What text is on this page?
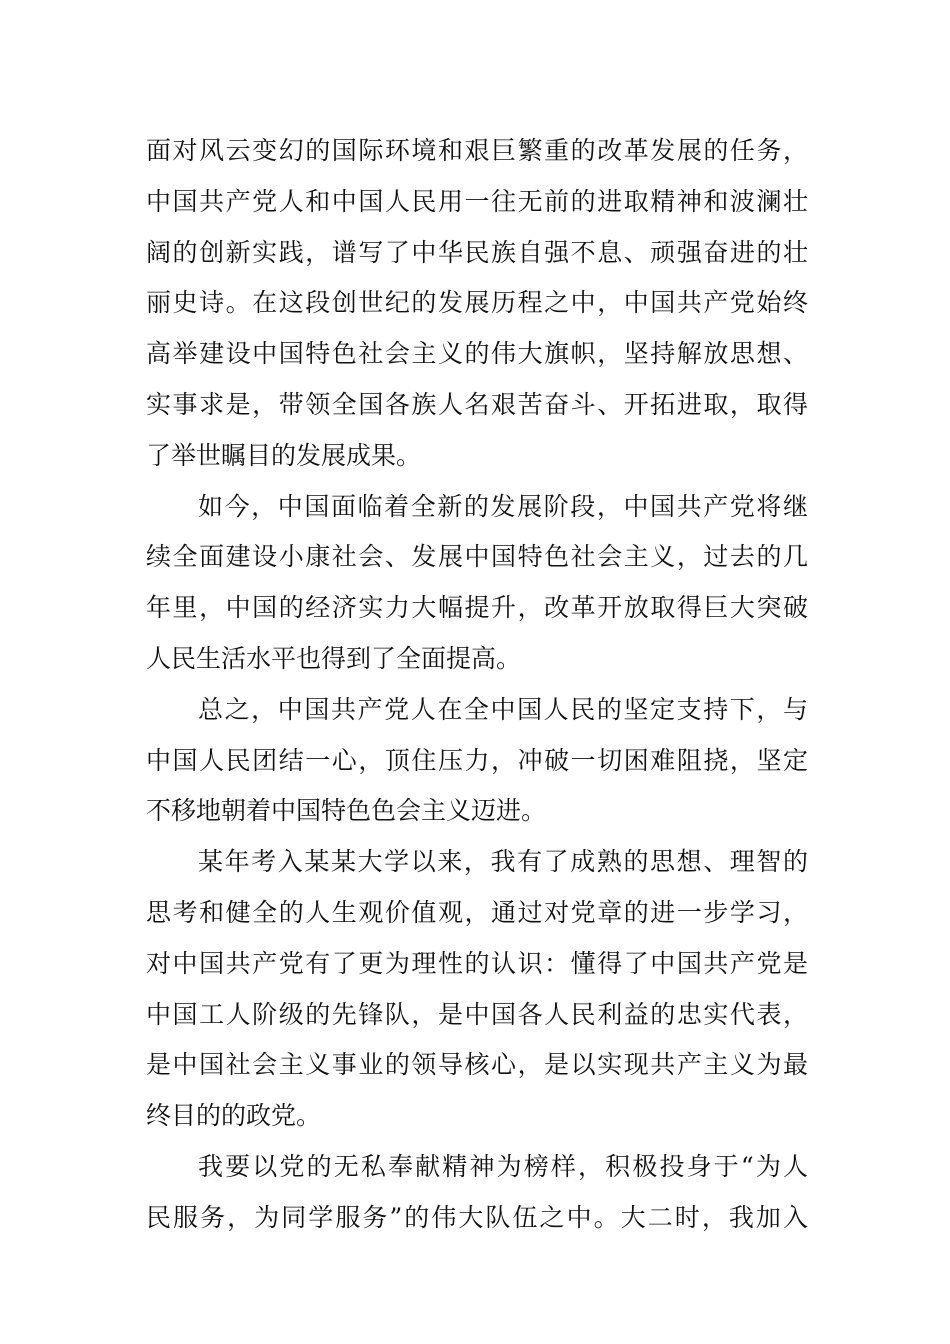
面对风云变幻的国际环境和艰巨繁重的改革发展的任务，
中国共产党人和中国人民用一往无前的进取精神和波澜壮
阔的创新实践，谱写了中华民族自强不息、顽强奋进的壮
丽史诗。在这段创世纪的发展历程之中，中国共产党始终
高举建设中国特色社会主义的伟大旗帜，坚持解放思想、
实事求是，带领全国各族人名艰苦奋斗、开拓进取，取得
了举世瞩目的发展成果。
如今，中国面临着全新的发展阶段，中国共产党将继
续全面建设小康社会、发展中国特色社会主义，过去的几
年里，中国的经济实力大幅提升，改革开放取得巨大突破
人民生活水平也得到了全面提高。
总之，中国共产党人在全中国人民的坚定支持下，与
中国人民团结一心，顶住压力，冲破一切困难阻挠，坚定
不移地朝着中国特色色会主义迈进。
某年考入某某大学以来，我有了成熟的思想、理智的
思考和健全的人生观价值观，通过对党章的进一步学习，
对中国共产党有了更为理性的认识：懂得了中国共产党是
中国工人阶级的先锋队，是中国各人民利益的忠实代表，
是中国社会主义事业的领导核心，是以实现共产主义为最
终目的的政党。
我要以党的无私奉献精神为榜样，积极投身于“为人
民服务，为同学服务”的伟大队伍之中。大二时，我加入
